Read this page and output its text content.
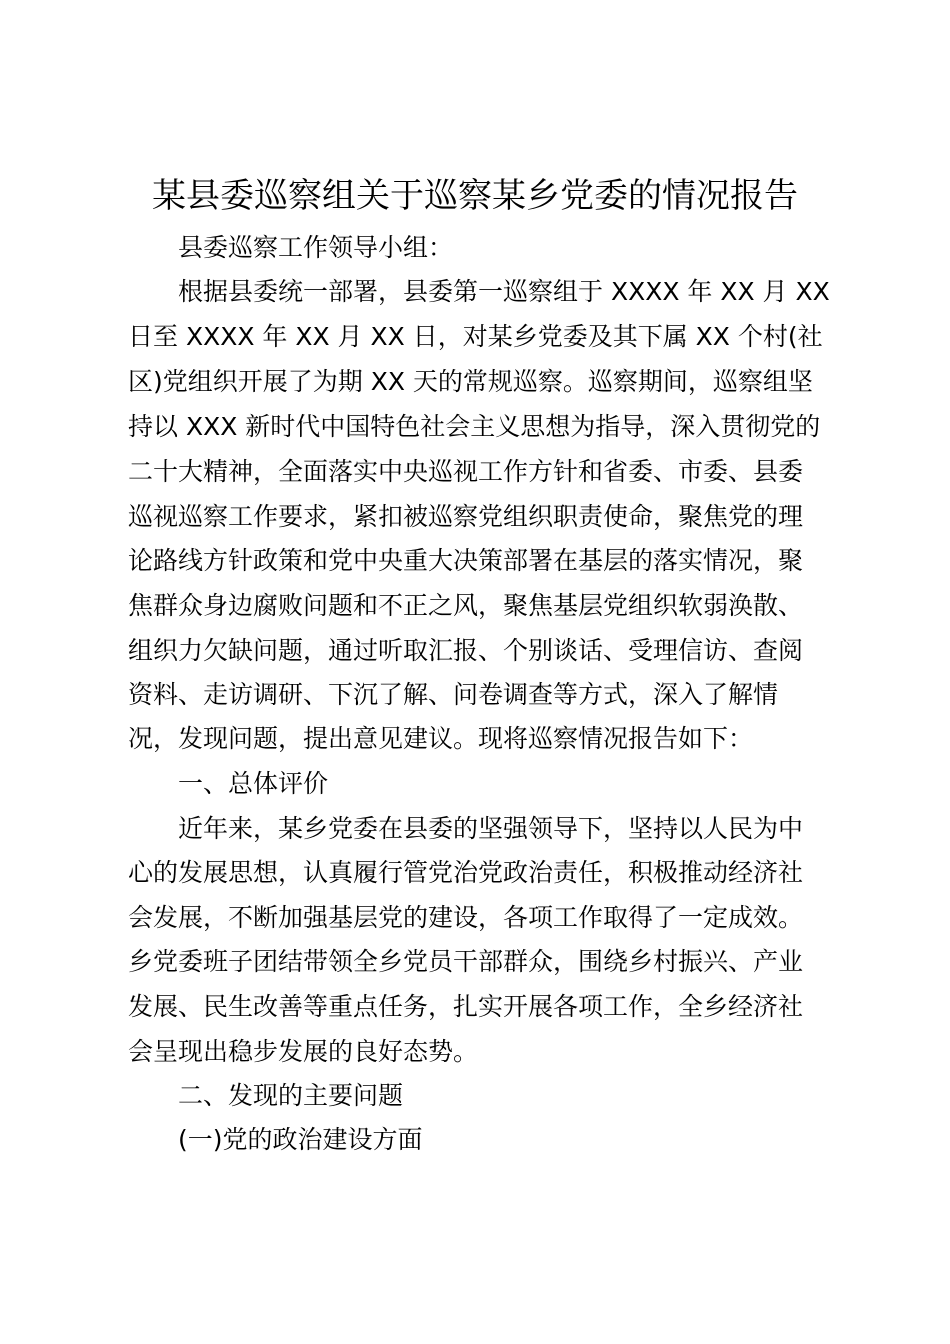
某县委巡察组关于巡察某乡党委的情况报告

县委巡察工作领导小组：

根据县委统一部署，县委第一巡察组于 XXXX 年 XX 月 XX

日至 XXXX 年 XX 月 XX 日，对某乡党委及其下属 XX 个村(社

区)党组织开展了为期 XX 天的常规巡察。巡察期间，巡察组坚

持以 XXX 新时代中国特色社会主义思想为指导，深入贯彻党的

二十大精神，全面落实中央巡视工作方针和省委、市委、县委

巡视巡察工作要求，紧扣被巡察党组织职责使命，聚焦党的理

论路线方针政策和党中央重大决策部署在基层的落实情况，聚

焦群众身边腐败问题和不正之风，聚焦基层党组织软弱涣散、

组织力欠缺问题，通过听取汇报、个别谈话、受理信访、查阅

资料、走访调研、下沉了解、问卷调查等方式，深入了解情

况，发现问题，提出意见建议。现将巡察情况报告如下：

一、总体评价

近年来，某乡党委在县委的坚强领导下，坚持以人民为中

心的发展思想，认真履行管党治党政治责任，积极推动经济社

会发展，不断加强基层党的建设，各项工作取得了一定成效。

乡党委班子团结带领全乡党员干部群众，围绕乡村振兴、产业

发展、民生改善等重点任务，扎实开展各项工作，全乡经济社

会呈现出稳步发展的良好态势。

二、发现的主要问题

(一)党的政治建设方面
